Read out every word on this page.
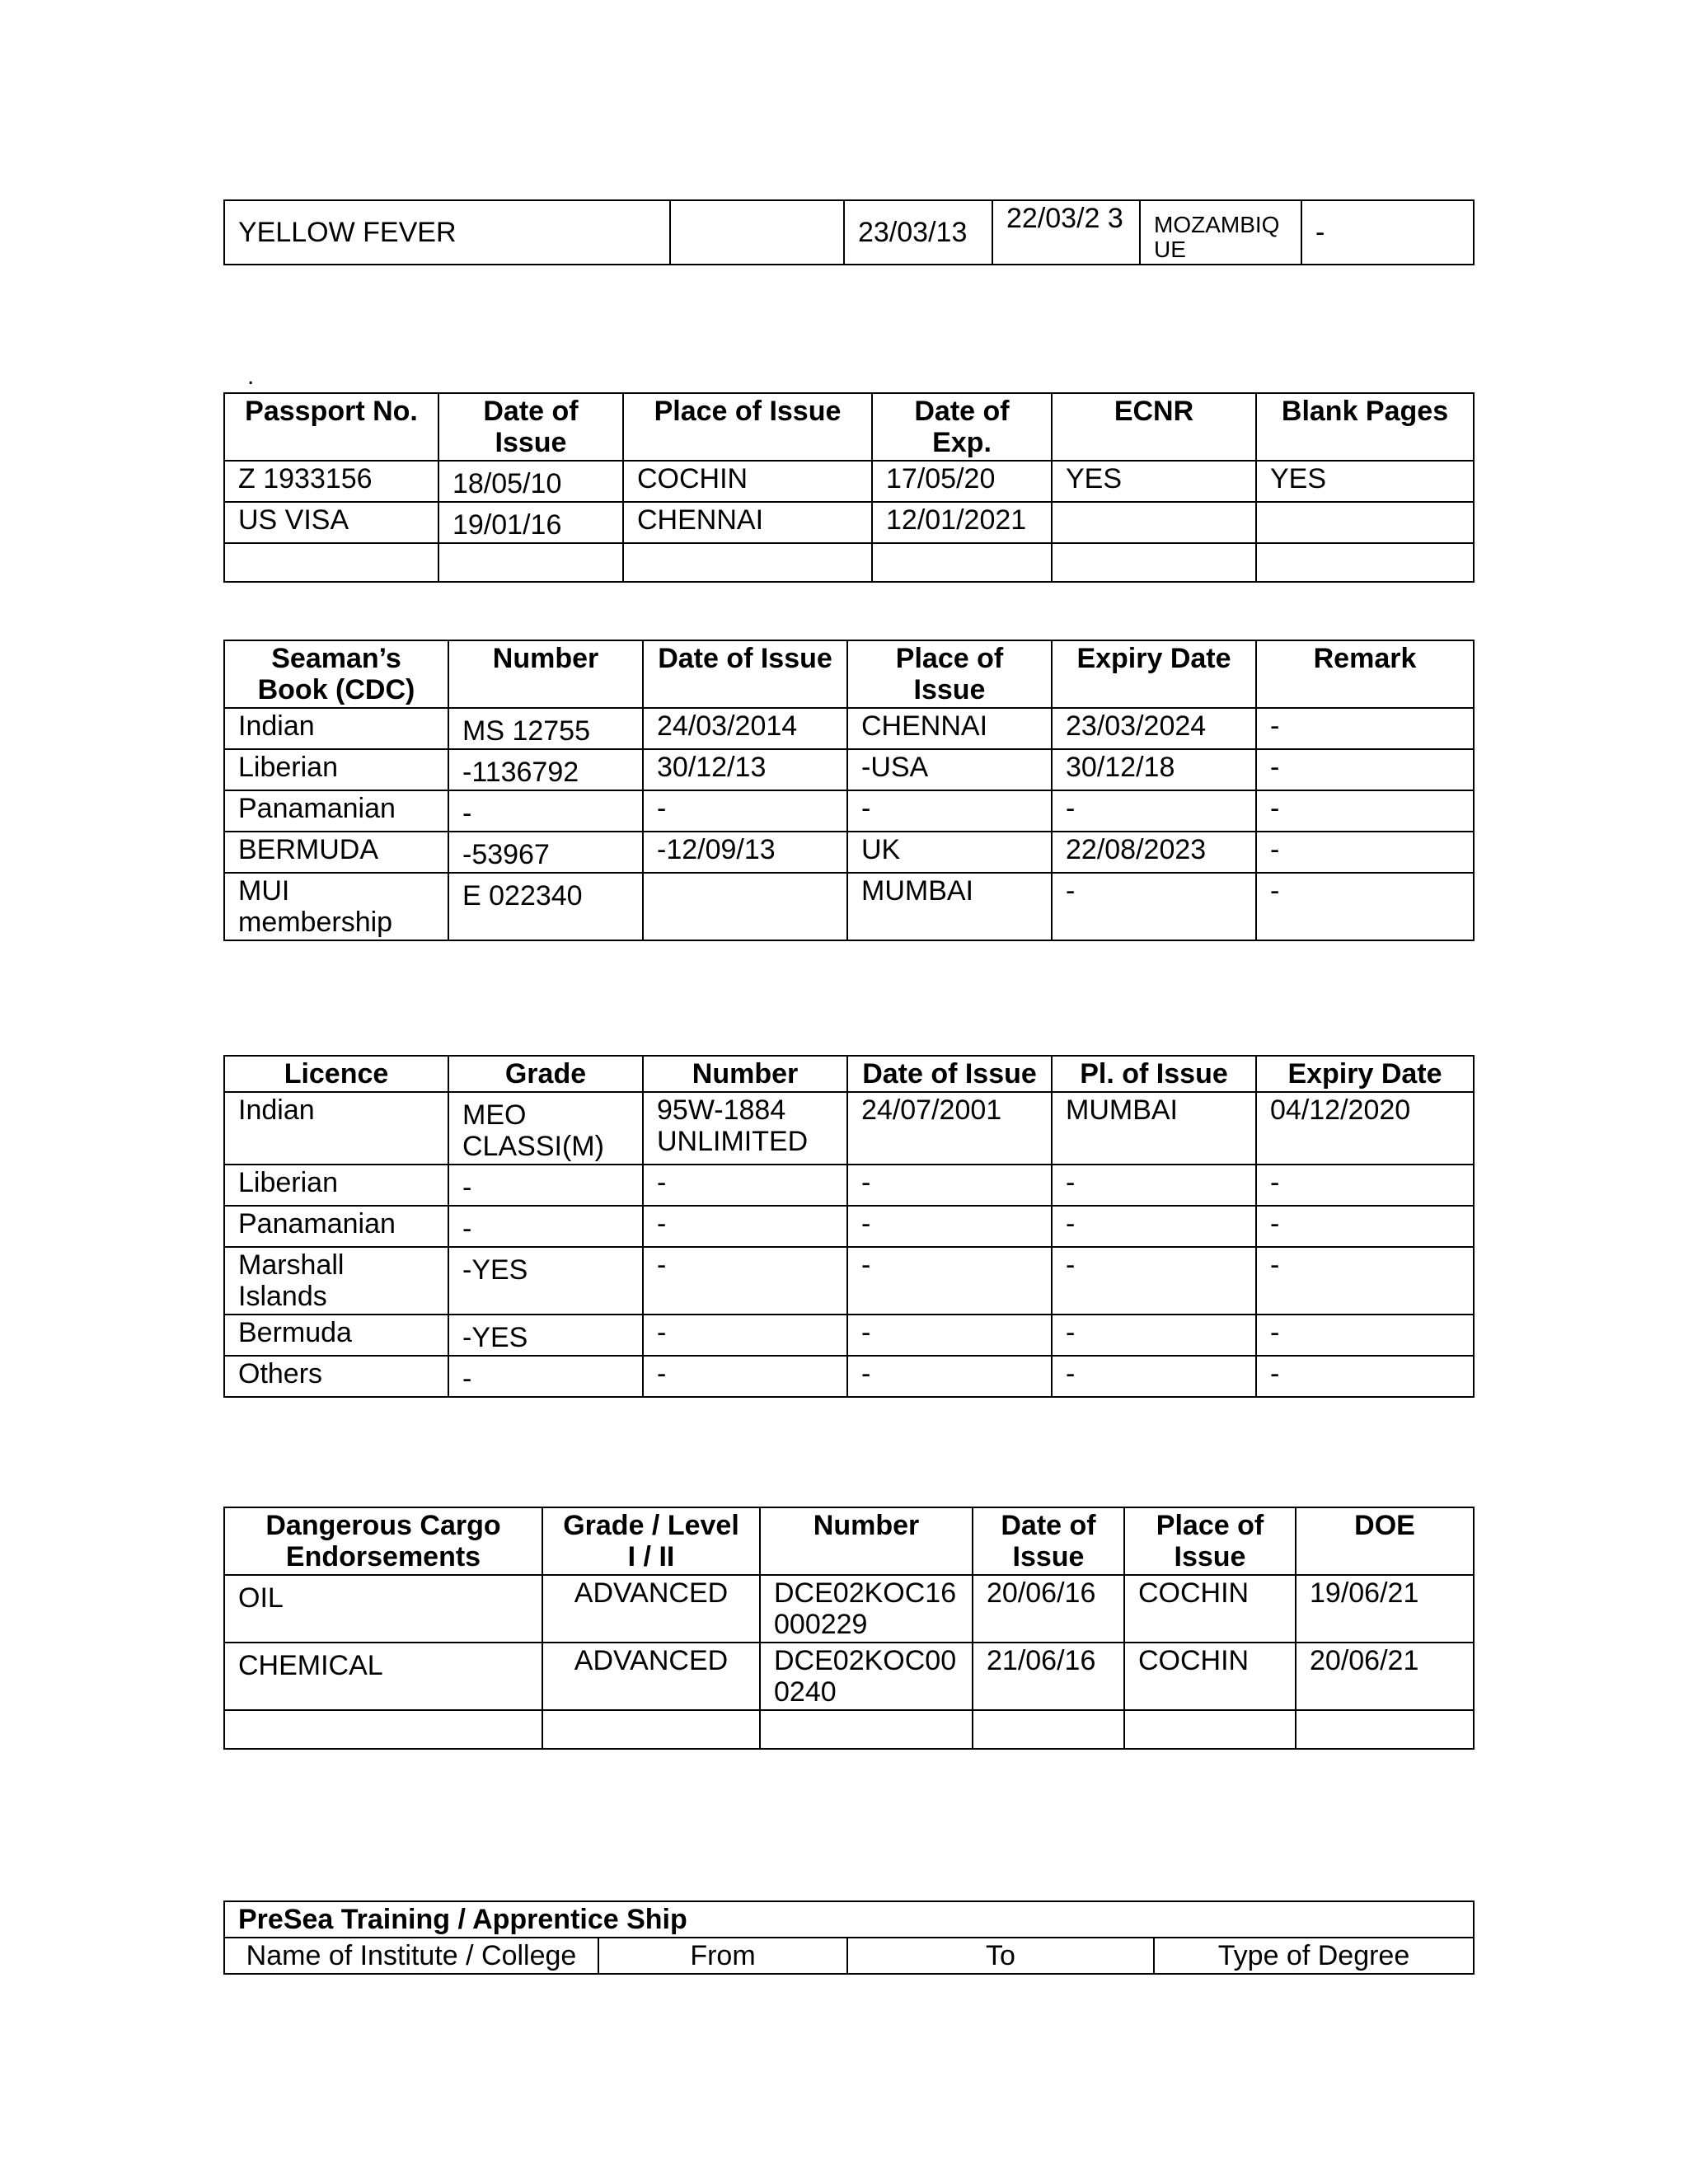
YELLOW FEVER		23/03/13	22/03/2 3	MOZAMBIQ UE	-
.
Passport No.	Date of Issue	Place of Issue	Date of Exp.	ECNR	Blank Pages
Z 1933156	18/05/10	COCHIN	17/05/20	YES	YES
US VISA	19/01/16	CHENNAI	12/01/2021		

Seaman’s Book (CDC)	Number	Date of Issue	Place of Issue	Expiry Date	Remark
Indian	MS 12755	24/03/2014	CHENNAI	23/03/2024	-
Liberian	-1136792	30/12/13	-USA	30/12/18	-
Panamanian	-	-	-	-	-
BERMUDA	-53967	-12/09/13	UK	22/08/2023	-
MUI membership	E 022340		MUMBAI	-	-
Licence	Grade	Number	Date of Issue	Pl. of Issue	Expiry Date
Indian	MEO CLASSI(M)	95W-1884 UNLIMITED	24/07/2001	MUMBAI	04/12/2020
Liberian	-	-	-	-	-
Panamanian	-	-	-	-	-
Marshall Islands	-YES	-	-	-	-
Bermuda	-YES	-	-	-	-
Others	-	-	-	-	-
Dangerous Cargo Endorsements	Grade / Level I / II	Number	Date of Issue	Place of Issue	DOE
OIL	ADVANCED	DCE02KOC16 000229	20/06/16	COCHIN	19/06/21
CHEMICAL	ADVANCED	DCE02KOC00 0240	21/06/16	COCHIN	20/06/21

PreSea Training / Apprentice Ship
Name of Institute / College	From	To	Type of Degree
